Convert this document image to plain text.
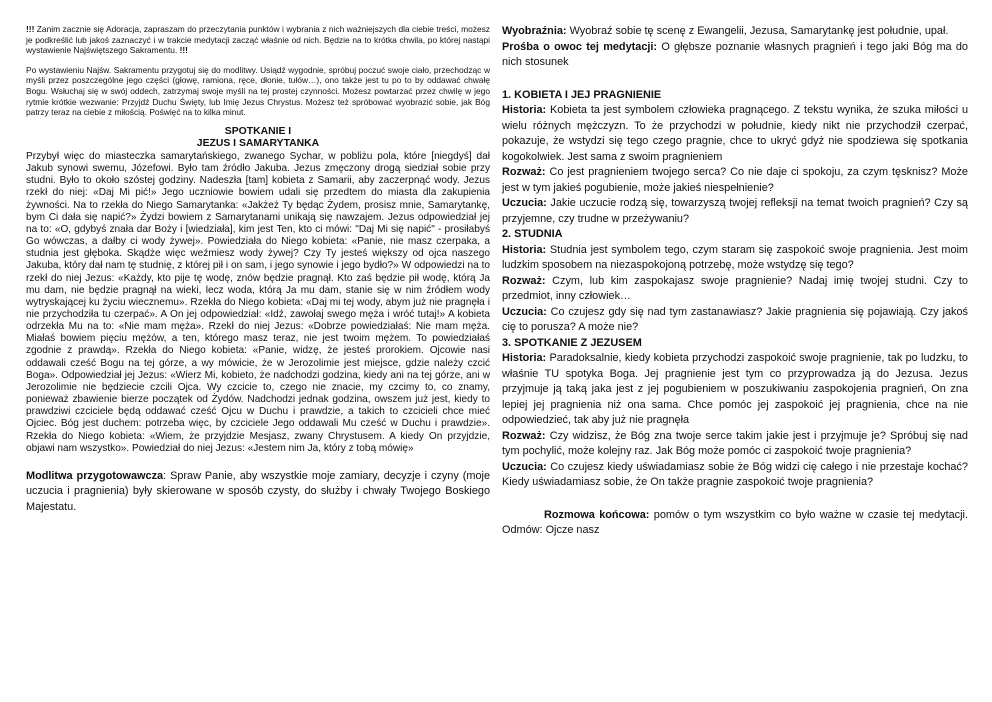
!!! Zanim zacznie się Adoracja, zapraszam do przeczytania punktów i wybrania z nich ważniejszych dla ciebie treści, możesz je podkreślić lub jakoś zaznaczyć i w trakcie medytacji zacząć właśnie od nich. Będzie na to krótka chwila, po której nastąpi wystawienie Najświętszego Sakramentu. !!!

Po wystawieniu Najśw. Sakramentu przygotuj się do modlitwy. Usiądź wygodnie, spróbuj poczuć swoje ciało, przechodząc w myśli przez poszczególne jego części (głowę, ramiona, ręce, dłonie, tułów…), ono także jest tu po to by oddawać chwałę Bogu. Wsłuchaj się w swój oddech, zatrzymaj swoje myśli na tej prostej czynności. Możesz powtarzać przez chwilę w jego rytmie krótkie wezwanie: Przyjdź Duchu Święty, lub Imię Jezus Chrystus. Możesz też spróbować wyobrazić sobie, jak Bóg patrzy teraz na ciebie z miłością. Poświęć na to kilka minut.

SPOTKANIE I
JEZUS I SAMARYTANKA

Przybył więc do miasteczka samarytańskiego, zwanego Sychar, w pobliżu pola, które [niegdyś] dał Jakub synowi swemu, Józefowi. Było tam źródło Jakuba. Jezus zmęczony drogą siedział sobie przy studni. Było to około szóstej godziny. Nadeszła [tam] kobieta z Samarii, aby zaczerpnąć wody. Jezus rzekł do niej: «Daj Mi pić!» Jego uczniowie bowiem udali się przedtem do miasta dla zakupienia żywności. Na to rzekła do Niego Samarytanka: «Jakżeż Ty będąc Żydem, prosisz mnie, Samarytankę, bym Ci dała się napić?» Żydzi bowiem z Samarytanami unikają się nawzajem. Jezus odpowiedział jej na to: «O, gdybyś znała dar Boży i [wiedziała], kim jest Ten, kto ci mówi: "Daj Mi się napić" - prosiłabyś Go wówczas, a dałby ci wody żywej». Powiedziała do Niego kobieta: «Panie, nie masz czerpaka, a studnia jest głęboka. Skądże więc weźmiesz wody żywej? Czy Ty jesteś większy od ojca naszego Jakuba, który dał nam tę studnię, z której pił i on sam, i jego synowie i jego bydło?» W odpowiedzi na to rzekł do niej Jezus: «Każdy, kto pije tę wodę, znów będzie pragnął. Kto zaś będzie pił wodę, którą Ja mu dam, nie będzie pragnął na wieki, lecz woda, którą Ja mu dam, stanie się w nim źródłem wody wytryskającej ku życiu wiecznemu». Rzekła do Niego kobieta: «Daj mi tej wody, abym już nie pragnęła i nie przychodziła tu czerpać». A On jej odpowiedział: «Idź, zawołaj swego męża i wróć tutaj!» A kobieta odrzekła Mu na to: «Nie mam męża». Rzekł do niej Jezus: «Dobrze powiedziałaś: Nie mam męża. Miałaś bowiem pięciu mężów, a ten, którego masz teraz, nie jest twoim mężem. To powiedziałaś zgodnie z prawdą». Rzekła do Niego kobieta: «Panie, widzę, że jesteś prorokiem. Ojcowie nasi oddawali cześć Bogu na tej górze, a wy mówicie, że w Jerozolimie jest miejsce, gdzie należy czcić Boga». Odpowiedział jej Jezus: «Wierz Mi, kobieto, że nadchodzi godzina, kiedy ani na tej górze, ani w Jerozolimie nie będziecie czcili Ojca. Wy czcicie to, czego nie znacie, my czcimy to, co znamy, ponieważ zbawienie bierze początek od Żydów. Nadchodzi jednak godzina, owszem już jest, kiedy to prawdziwi czciciele będą oddawać cześć Ojcu w Duchu i prawdzie, a takich to czcicieli chce mieć Ojciec. Bóg jest duchem: potrzeba więc, by czciciele Jego oddawali Mu cześć w Duchu i prawdzie». Rzekła do Niego kobieta: «Wiem, że przyjdzie Mesjasz, zwany Chrystusem. A kiedy On przyjdzie, objawi nam wszystko». Powiedział do niej Jezus: «Jestem nim Ja, który z tobą mówię»

Modlitwa przygotowawcza: Spraw Panie, aby wszystkie moje zamiary, decyzje i czyny (moje uczucia i pragnienia) były skierowane w sposób czysty, do służby i chwały Twojego Boskiego Majestatu.

Wyobraźnia: Wyobraź sobie tę scenę z Ewangelii, Jezusa, Samarytankę jest południe, upał.

Prośba o owoc tej medytacji: O głębsze poznanie własnych pragnień i tego jaki Bóg ma do nich stosunek

1. KOBIETA I JEJ PRAGNIENIE

Historia: Kobieta ta jest symbolem człowieka pragnącego. Z tekstu wynika, że szuka miłości u wielu różnych mężczyzn. To że przychodzi w południe, kiedy nikt nie przychodził czerpać, pokazuje, że wstydzi się tego czego pragnie, chce to ukryć gdyż nie spodziewa się spotkania kogokolwiek. Jest sama z swoim pragnieniem

Rozważ: Co jest pragnieniem twojego serca? Co nie daje ci spokoju, za czym tęsknisz? Może jest w tym jakieś pogubienie, może jakieś niespełnienie?

Uczucia: Jakie uczucie rodzą się, towarzyszą twojej refleksji na temat twoich pragnień? Czy są przyjemne, czy trudne w przeżywaniu?

2. STUDNIA

Historia: Studnia jest symbolem tego, czym staram się zaspokoić swoje pragnienia. Jest moim ludzkim sposobem na niezaspokojoną potrzebę, może wstydzę się tego?

Rozważ: Czym, lub kim zaspokajasz swoje pragnienie? Nadaj imię twojej studni. Czy to przedmiot, inny człowiek…

Uczucia: Co czujesz gdy się nad tym zastanawiasz? Jakie pragnienia się pojawiają. Czy jakoś cię to porusza? A może nie?

3. SPOTKANIE Z JEZUSEM

Historia: Paradoksalnie, kiedy kobieta przychodzi zaspokoić swoje pragnienie, tak po ludzku, to właśnie TU spotyka Boga. Jej pragnienie jest tym co przyprowadza ją do Jezusa. Jezus przyjmuje ją taką jaka jest z jej pogubieniem w poszukiwaniu zaspokojenia pragnień, On zna lepiej jej pragnienia niż ona sama. Chce pomóc jej zaspokoić jej pragnienia, chce na nie odpowiedzieć, tak aby już nie pragnęła

Rozważ: Czy widzisz, że Bóg zna twoje serce takim jakie jest i przyjmuje je? Spróbuj się nad tym pochylić, może kolejny raz. Jak Bóg może pomóc ci zaspokoić twoje pragnienia?

Uczucia: Co czujesz kiedy uświadamiasz sobie że Bóg widzi cię całego i nie przestaje kochać? Kiedy uświadamiasz sobie, że On także pragnie zaspokoić twoje pragnienia?

Rozmowa końcowa: pomów o tym wszystkim co było ważne w czasie tej medytacji. Odmów: Ojcze nasz
